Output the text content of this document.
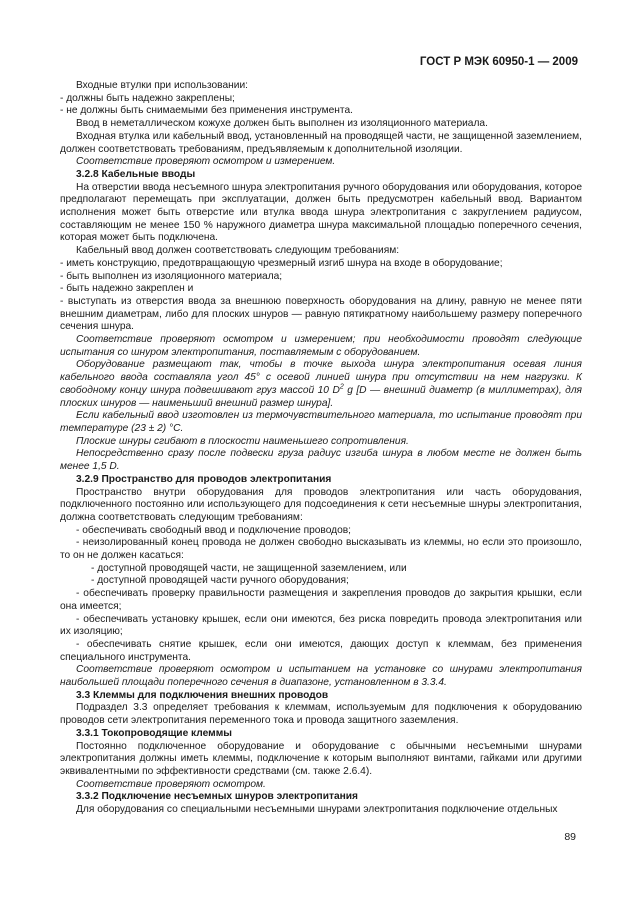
ГОСТ Р МЭК 60950-1 — 2009

Входные втулки при использовании:

- должны быть надежно закреплены;

- не должны быть снимаемыми без применения инструмента.

Ввод в неметаллическом кожухе должен быть выполнен из изоляционного материала.

Входная втулка или кабельный ввод, установленный на проводящей части, не защищенной заземлением, должен соответствовать требованиям, предъявляемым к дополнительной изоляции.

Соответствие проверяют осмотром и измерением.

3.2.8 Кабельные вводы

На отверстии ввода несъемного шнура электропитания ручного оборудования или оборудования, которое предполагают перемещать при эксплуатации, должен быть предусмотрен кабельный ввод. Вариантом исполнения может быть отверстие или втулка ввода шнура электропитания с закруглением радиусом, составляющим не менее 150 % наружного диаметра шнура максимальной площадью поперечного сечения, которая может быть подключена.

Кабельный ввод должен соответствовать следующим требованиям:

- иметь конструкцию, предотвращающую чрезмерный изгиб шнура на входе в оборудование;

- быть выполнен из изоляционного материала;

- быть надежно закреплен и

- выступать из отверстия ввода за внешнюю поверхность оборудования на длину, равную не менее пяти внешним диаметрам, либо для плоских шнуров — равную пятикратному наибольшему размеру поперечного сечения шнура.

Соответствие проверяют осмотром и измерением; при необходимости проводят следующие испытания со шнуром электропитания, поставляемым с оборудованием.

Оборудование размещают так, чтобы в точке выхода шнура электропитания осевая линия кабельного ввода составляла угол 45° с осевой линией шнура при отсутствии на нем нагрузки. К свободному концу шнура подвешивают груз массой 10 $D^2$ g [D — внешний диаметр (в миллиметрах), для плоских шнуров — наименьший внешний размер шнура].

Если кабельный ввод изготовлен из термочувствительного материала, то испытание проводят при температуре (23 ± 2) °С.

Плоские шнуры сгибают в плоскости наименьшего сопротивления.

Непосредственно сразу после подвески груза радиус изгиба шнура в любом месте не должен быть менее 1,5 D.

3.2.9 Пространство для проводов электропитания

Пространство внутри оборудования для проводов электропитания или часть оборудования, подключенного постоянно или использующего для подсоединения к сети несъемные шнуры электропитания, должна соответствовать следующим требованиям:

- обеспечивать свободный ввод и подключение проводов;

- неизолированный конец провода не должен свободно высказывать из клеммы, но если это произошло, то он не должен касаться:

- доступной проводящей части, не защищенной заземлением, или

- доступной проводящей части ручного оборудования;

- обеспечивать проверку правильности размещения и закрепления проводов до закрытия крышки, если она имеется;

- обеспечивать установку крышек, если они имеются, без риска повредить провода электропитания или их изоляцию;

- обеспечивать снятие крышек, если они имеются, дающих доступ к клеммам, без применения специального инструмента.

Соответствие проверяют осмотром и испытанием на установке со шнурами электропитания наибольшей площади поперечного сечения в диапазоне, установленном в 3.3.4.

3.3 Клеммы для подключения внешних проводов

Подраздел 3.3 определяет требования к клеммам, используемым для подключения к оборудованию проводов сети электропитания переменного тока и провода защитного заземления.

3.3.1 Токопроводящие клеммы

Постоянно подключенное оборудование и оборудование с обычными несъемными шнурами электропитания должны иметь клеммы, подключение к которым выполняют винтами, гайками или другими эквивалентными по эффективности средствами (см. также 2.6.4).

Соответствие проверяют осмотром.

3.3.2 Подключение несъемных шнуров электропитания

Для оборудования со специальными несъемными шнурами электропитания подключение отдельных

89
